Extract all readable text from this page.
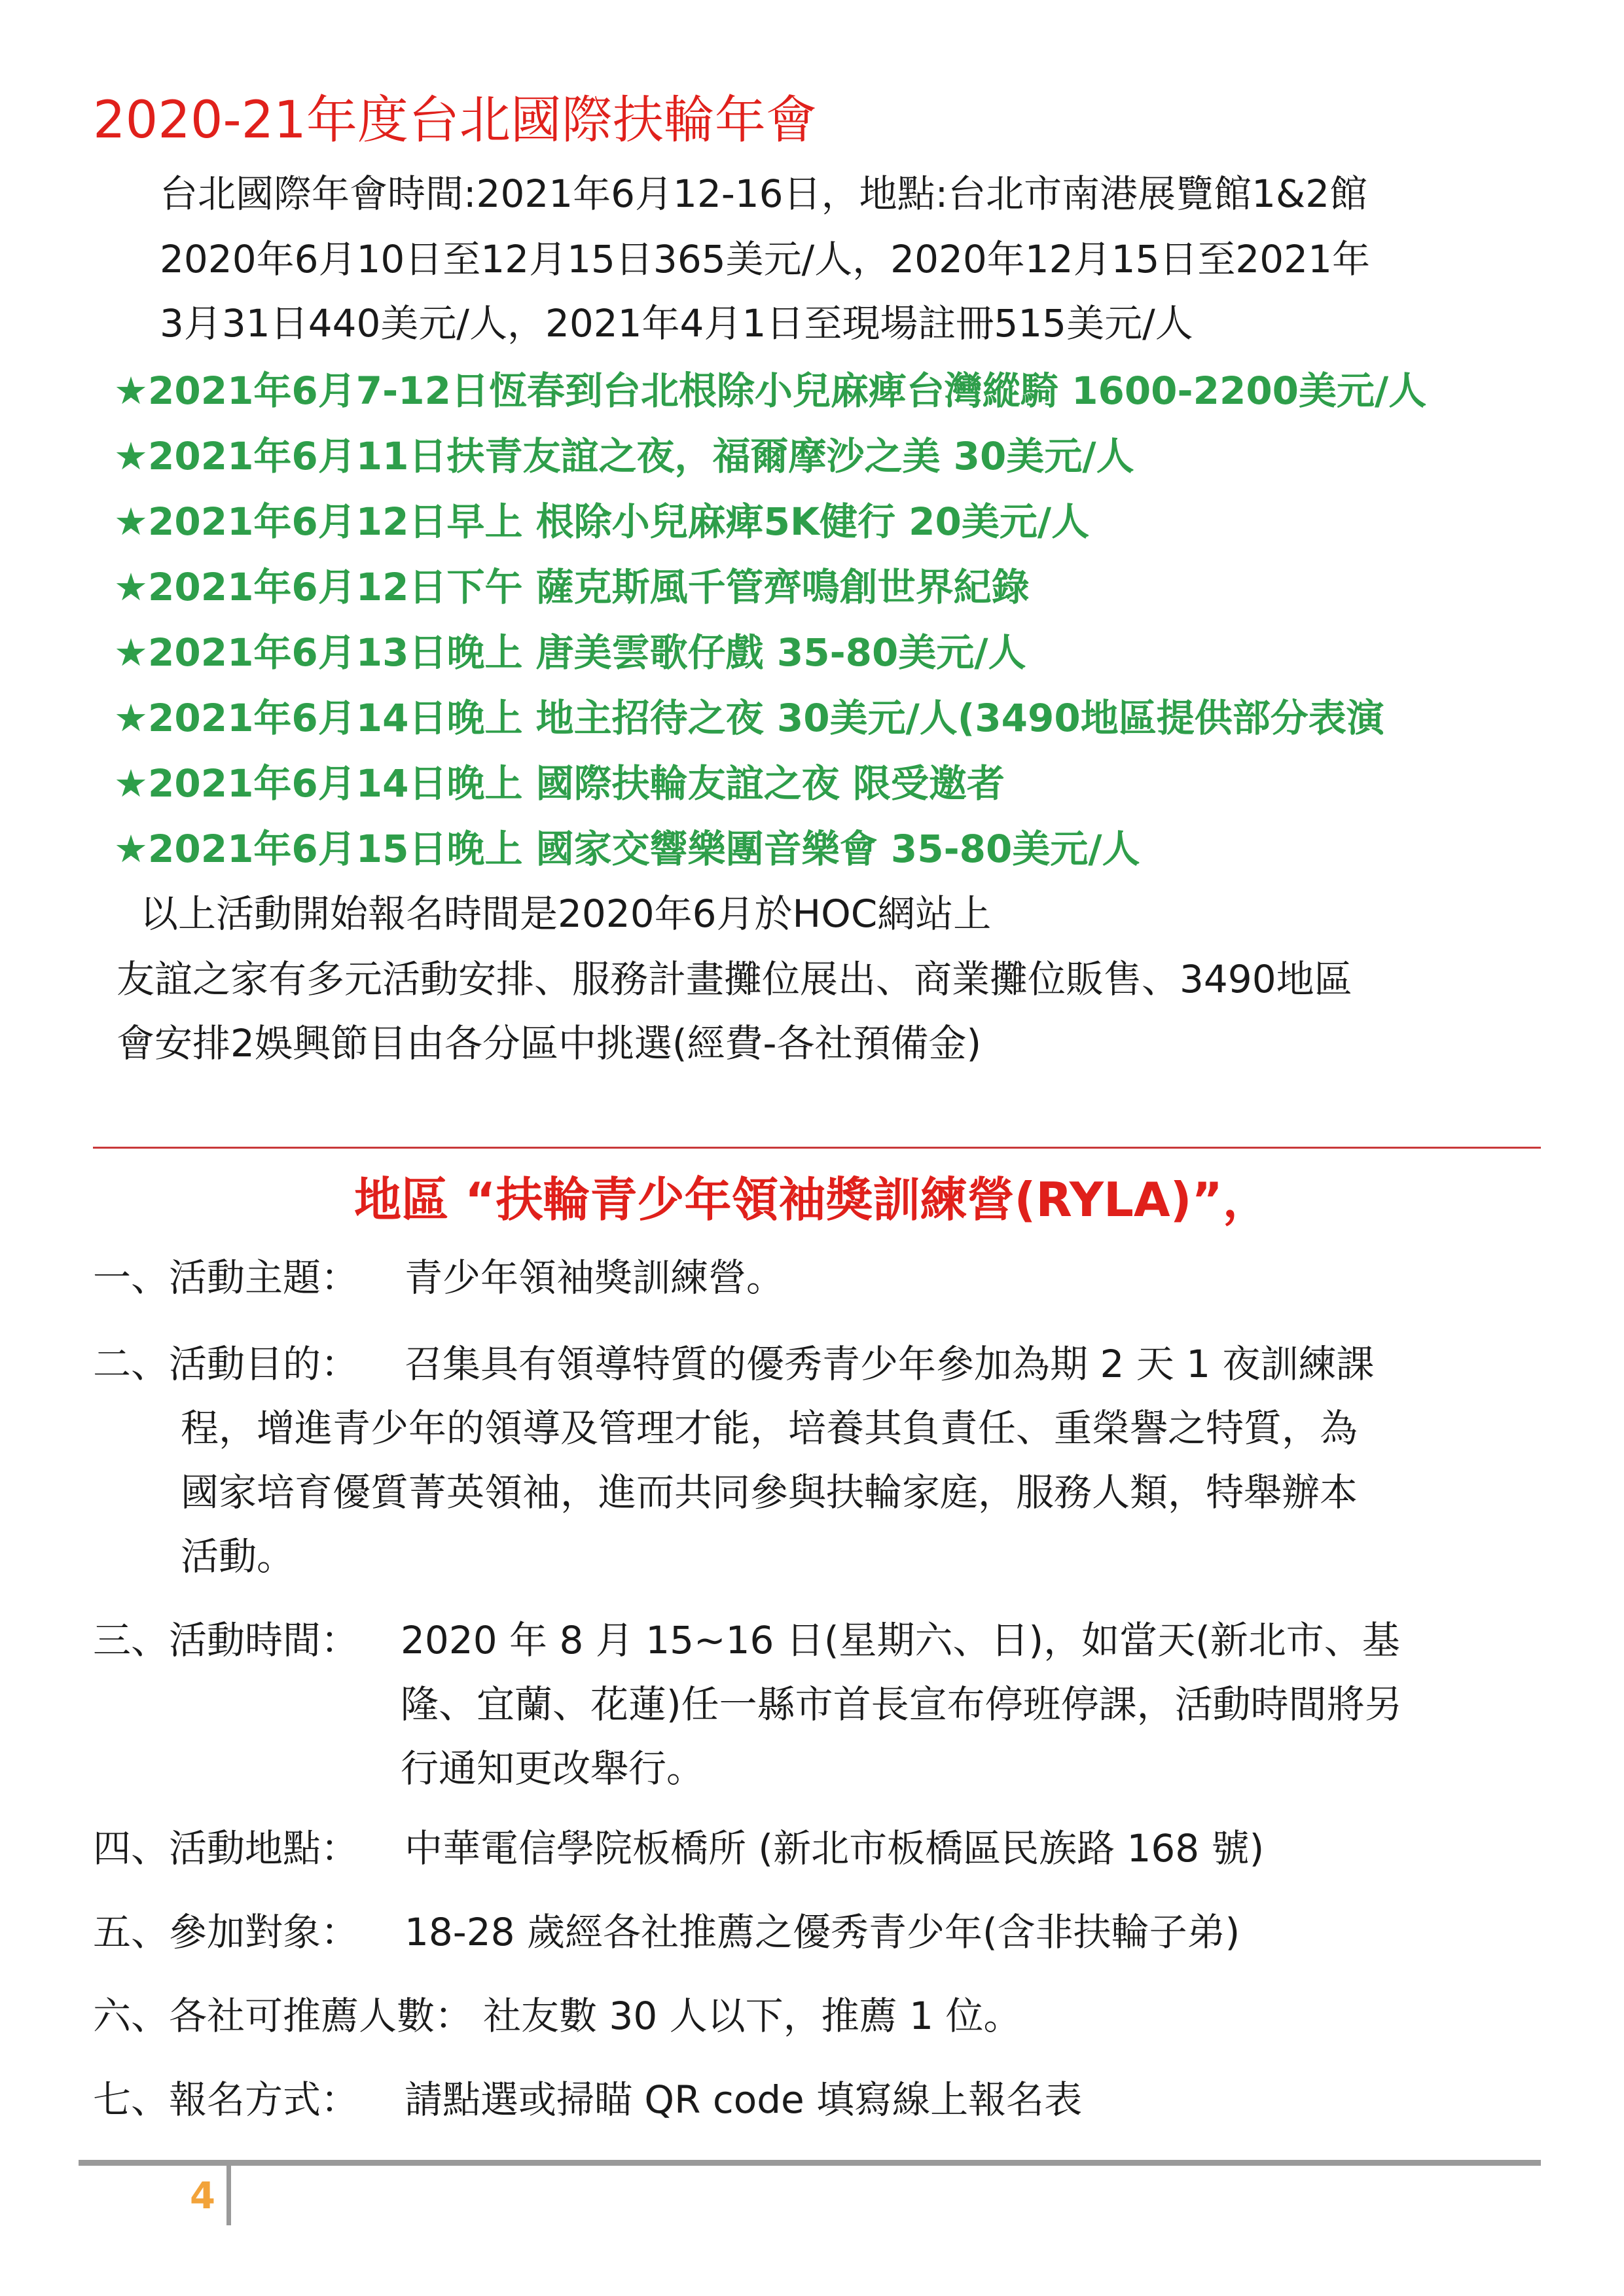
2020-21年度台北國際扶輪年會
台北國際年會時間:2021年6月12-16日，地點:台北市南港展覽館1&2館
2020年6月10日至12月15日365美元/人，2020年12月15日至2021年
3月31日440美元/人，2021年4月1日至現場註冊515美元/人
★2021年6月7-12日恆春到台北根除小兒麻痺台灣縱騎 1600-2200美元/人
★2021年6月11日扶青友誼之夜，福爾摩沙之美 30美元/人
★2021年6月12日早上 根除小兒麻痺5K健行 20美元/人
★2021年6月12日下午 薩克斯風千管齊鳴創世界紀錄
★2021年6月13日晚上 唐美雲歌仔戲 35-80美元/人
★2021年6月14日晚上 地主招待之夜 30美元/人(3490地區提供部分表演
★2021年6月14日晚上 國際扶輪友誼之夜 限受邀者
★2021年6月15日晚上 國家交響樂團音樂會 35-80美元/人
以上活動開始報名時間是2020年6月於HOC網站上
友誼之家有多元活動安排、服務計畫攤位展出、商業攤位販售、3490地區
會安排2娛興節目由各分區中挑選(經費-各社預備金)
地區 “扶輪青少年領袖獎訓練營(RYLA)”，
一、活動主題： 青少年領袖獎訓練營。
二、活動目的： 召集具有領導特質的優秀青少年參加為期 2 天 1 夜訓練課
程，增進青少年的領導及管理才能，培養其負責任、重榮譽之特質，為
國家培育優質菁英領袖，進而共同參與扶輪家庭，服務人類，特舉辦本
活動。
三、活動時間： 2020 年 8 月 15~16 日(星期六、日)，如當天(新北市、基
隆、宜蘭、花蓮)任一縣市首長宣布停班停課，活動時間將另
行通知更改舉行。
四、活動地點： 中華電信學院板橋所 (新北市板橋區民族路 168 號)
五、參加對象： 18-28 歲經各社推薦之優秀青少年(含非扶輪子弟)
六、各社可推薦人數： 社友數 30 人以下，推薦 1 位。
七、報名方式： 請點選或掃瞄 QR code 填寫線上報名表
4
